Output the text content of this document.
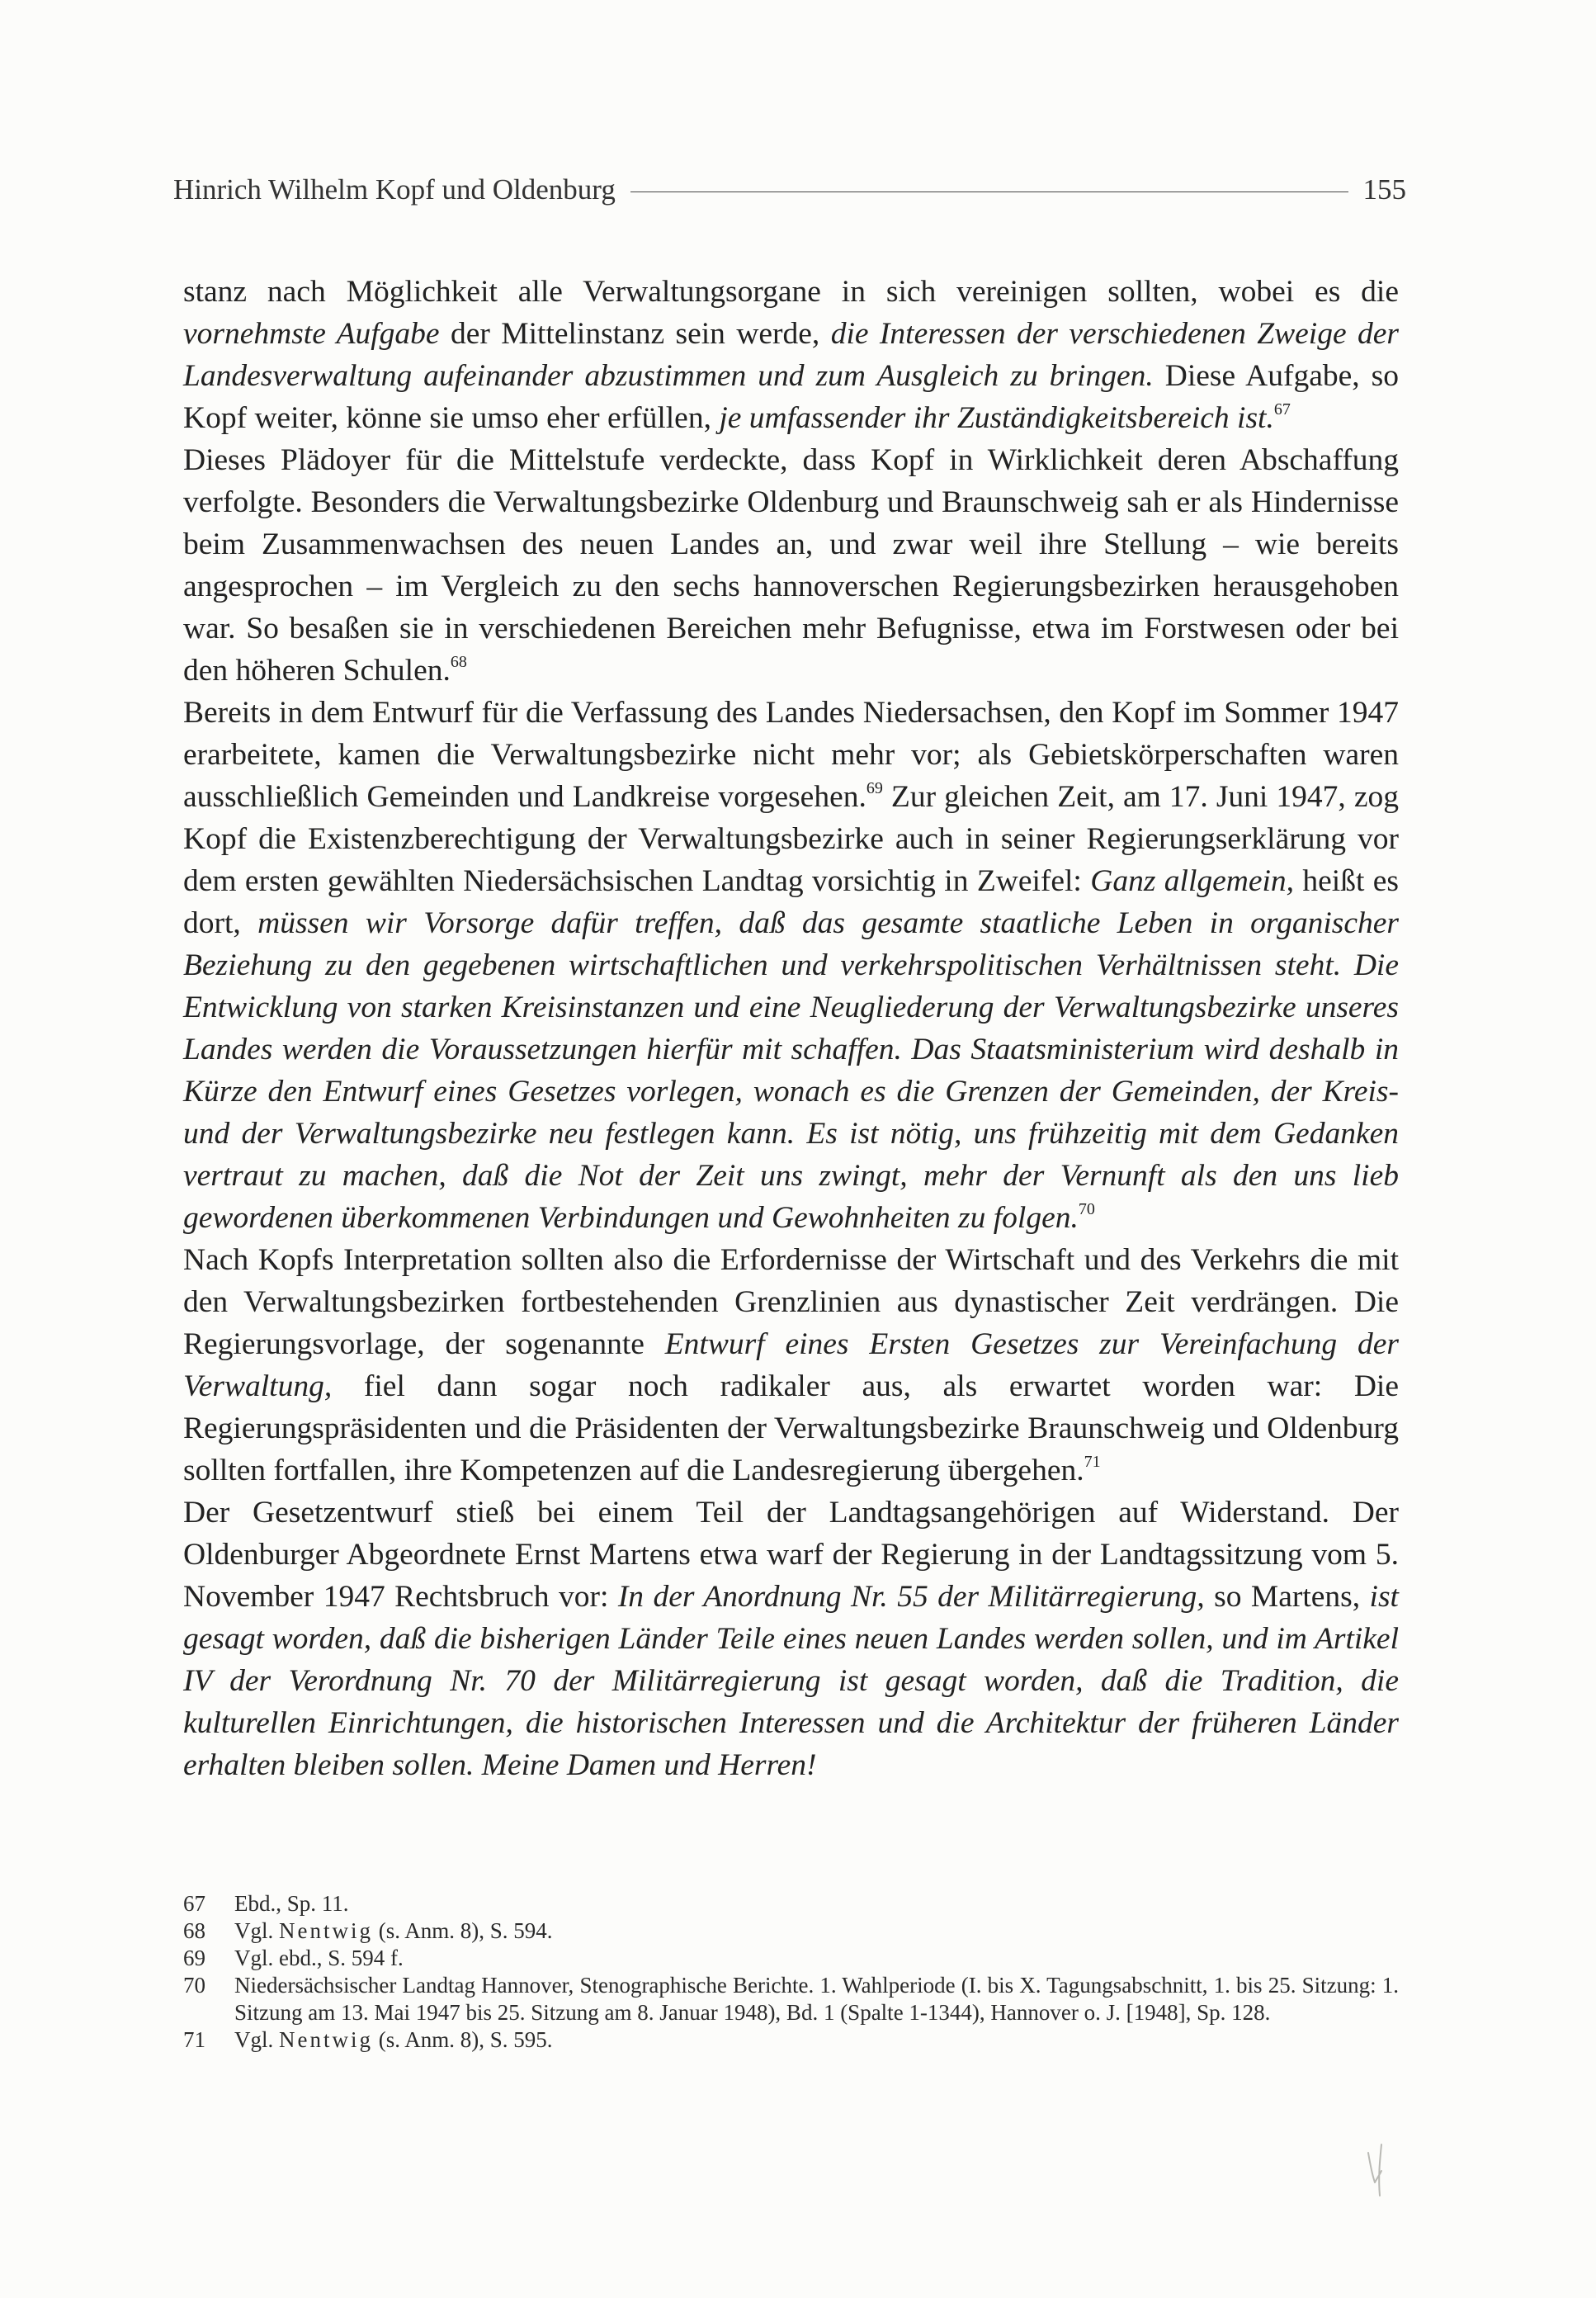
Hinrich Wilhelm Kopf und Oldenburg	155

stanz nach Möglichkeit alle Verwaltungsorgane in sich vereinigen sollten, wobei es die vornehmste Aufgabe der Mittelinstanz sein werde, die Interessen der verschiedenen Zweige der Landesverwaltung aufeinander abzustimmen und zum Ausgleich zu bringen. Diese Aufgabe, so Kopf weiter, könne sie umso eher erfüllen, je umfassender ihr Zuständigkeitsbereich ist.$^{67}$

Dieses Plädoyer für die Mittelstufe verdeckte, dass Kopf in Wirklichkeit deren Abschaffung verfolgte. Besonders die Verwaltungsbezirke Oldenburg und Braunschweig sah er als Hindernisse beim Zusammenwachsen des neuen Landes an, und zwar weil ihre Stellung – wie bereits angesprochen – im Vergleich zu den sechs hannoverschen Regierungsbezirken herausgehoben war. So besaßen sie in verschiedenen Bereichen mehr Befugnisse, etwa im Forstwesen oder bei den höheren Schulen.$^{68}$

Bereits in dem Entwurf für die Verfassung des Landes Niedersachsen, den Kopf im Sommer 1947 erarbeitete, kamen die Verwaltungsbezirke nicht mehr vor; als Gebietskörperschaften waren ausschließlich Gemeinden und Landkreise vorgesehen.$^{69}$ Zur gleichen Zeit, am 17. Juni 1947, zog Kopf die Existenzberechtigung der Verwaltungsbezirke auch in seiner Regierungserklärung vor dem ersten gewählten Niedersächsischen Landtag vorsichtig in Zweifel: Ganz allgemein, heißt es dort, müssen wir Vorsorge dafür treffen, daß das gesamte staatliche Leben in organischer Beziehung zu den gegebenen wirtschaftlichen und verkehrspolitischen Verhältnissen steht. Die Entwicklung von starken Kreisinstanzen und eine Neugliederung der Verwaltungsbezirke unseres Landes werden die Voraussetzungen hierfür mit schaffen. Das Staatsministerium wird deshalb in Kürze den Entwurf eines Gesetzes vorlegen, wonach es die Grenzen der Gemeinden, der Kreis- und der Verwaltungsbezirke neu festlegen kann. Es ist nötig, uns frühzeitig mit dem Gedanken vertraut zu machen, daß die Not der Zeit uns zwingt, mehr der Vernunft als den uns lieb gewordenen überkommenen Verbindungen und Gewohnheiten zu folgen.$^{70}$

Nach Kopfs Interpretation sollten also die Erfordernisse der Wirtschaft und des Verkehrs die mit den Verwaltungsbezirken fortbestehenden Grenzlinien aus dynastischer Zeit verdrängen. Die Regierungsvorlage, der sogenannte Entwurf eines Ersten Gesetzes zur Vereinfachung der Verwaltung, fiel dann sogar noch radikaler aus, als erwartet worden war: Die Regierungspräsidenten und die Präsidenten der Verwaltungsbezirke Braunschweig und Oldenburg sollten fortfallen, ihre Kompetenzen auf die Landesregierung übergehen.$^{71}$

Der Gesetzentwurf stieß bei einem Teil der Landtagsangehörigen auf Widerstand. Der Oldenburger Abgeordnete Ernst Martens etwa warf der Regierung in der Landtagssitzung vom 5. November 1947 Rechtsbruch vor: In der Anordnung Nr. 55 der Militärregierung, so Martens, ist gesagt worden, daß die bisherigen Länder Teile eines neuen Landes werden sollen, und im Artikel IV der Verordnung Nr. 70 der Militärregierung ist gesagt worden, daß die Tradition, die kulturellen Einrichtungen, die historischen Interessen und die Architektur der früheren Länder erhalten bleiben sollen. Meine Damen und Herren!

67	Ebd., Sp. 11.
68	Vgl. Nentwig (s. Anm. 8), S. 594.
69	Vgl. ebd., S. 594 f.
70	Niedersächsischer Landtag Hannover, Stenographische Berichte. 1. Wahlperiode (I. bis X. Tagungsabschnitt, 1. bis 25. Sitzung: 1. Sitzung am 13. Mai 1947 bis 25. Sitzung am 8. Januar 1948), Bd. 1 (Spalte 1-1344), Hannover o. J. [1948], Sp. 128.
71	Vgl. Nentwig (s. Anm. 8), S. 595.
